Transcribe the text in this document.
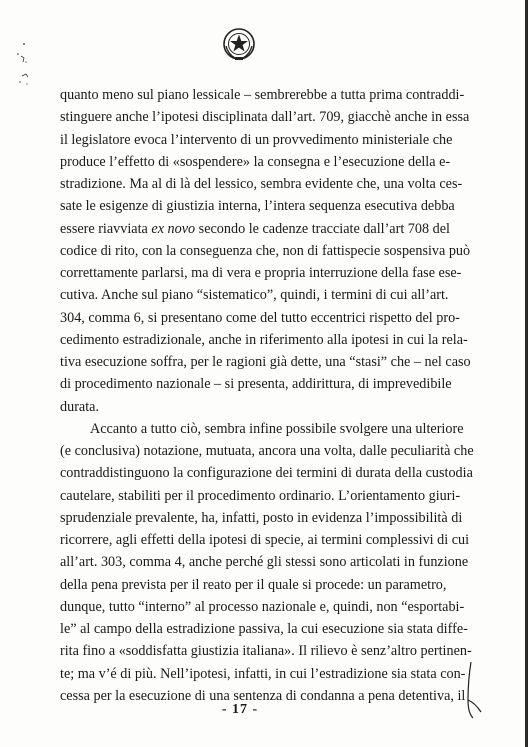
quanto meno sul piano lessicale – sembrerebbe a tutta prima contraddi-
stinguere anche l’ipotesi disciplinata dall’art. 709, giacchè anche in essa
il legislatore evoca l’intervento di un provvedimento ministeriale che
produce l’effetto di «sospendere» la consegna e l’esecuzione della e-
stradizione. Ma al di là del lessico, sembra evidente che, una volta ces-
sate le esigenze di giustizia interna, l’intera sequenza esecutiva debba
essere riavviata ex novo secondo le cadenze tracciate dall’art 708 del
codice di rito, con la conseguenza che, non di fattispecie sospensiva può
correttamente parlarsi, ma di vera e propria interruzione della fase ese-
cutiva. Anche sul piano “sistematico”, quindi, i termini di cui all’art.
304, comma 6, si presentano come del tutto eccentrici rispetto del pro-
cedimento estradizionale, anche in riferimento alla ipotesi in cui la rela-
tiva esecuzione soffra, per le ragioni già dette, una “stasi” che – nel caso
di procedimento nazionale – si presenta, addirittura, di imprevedibile
durata.
Accanto a tutto ciò, sembra infine possibile svolgere una ulteriore
(e conclusiva) notazione, mutuata, ancora una volta, dalle peculiarità che
contraddistinguono la configurazione dei termini di durata della custodia
cautelare, stabiliti per il procedimento ordinario. L’orientamento giuri-
sprudenziale prevalente, ha, infatti, posto in evidenza l’impossibilità di
ricorrere, agli effetti della ipotesi di specie, ai termini complessivi di cui
all’art. 303, comma 4, anche perché gli stessi sono articolati in funzione
della pena prevista per il reato per il quale si procede: un parametro,
dunque, tutto “interno” al processo nazionale e, quindi, non “esportabi-
le” al campo della estradizione passiva, la cui esecuzione sia stata diffe-
rita fino a «soddisfatta giustizia italiana». Il rilievo è senz’altro pertinen-
te; ma v’é di più. Nell’ipotesi, infatti, in cui l’estradizione sia stata con-
cessa per la esecuzione di una sentenza di condanna a pena detentiva, il
- 17 -
